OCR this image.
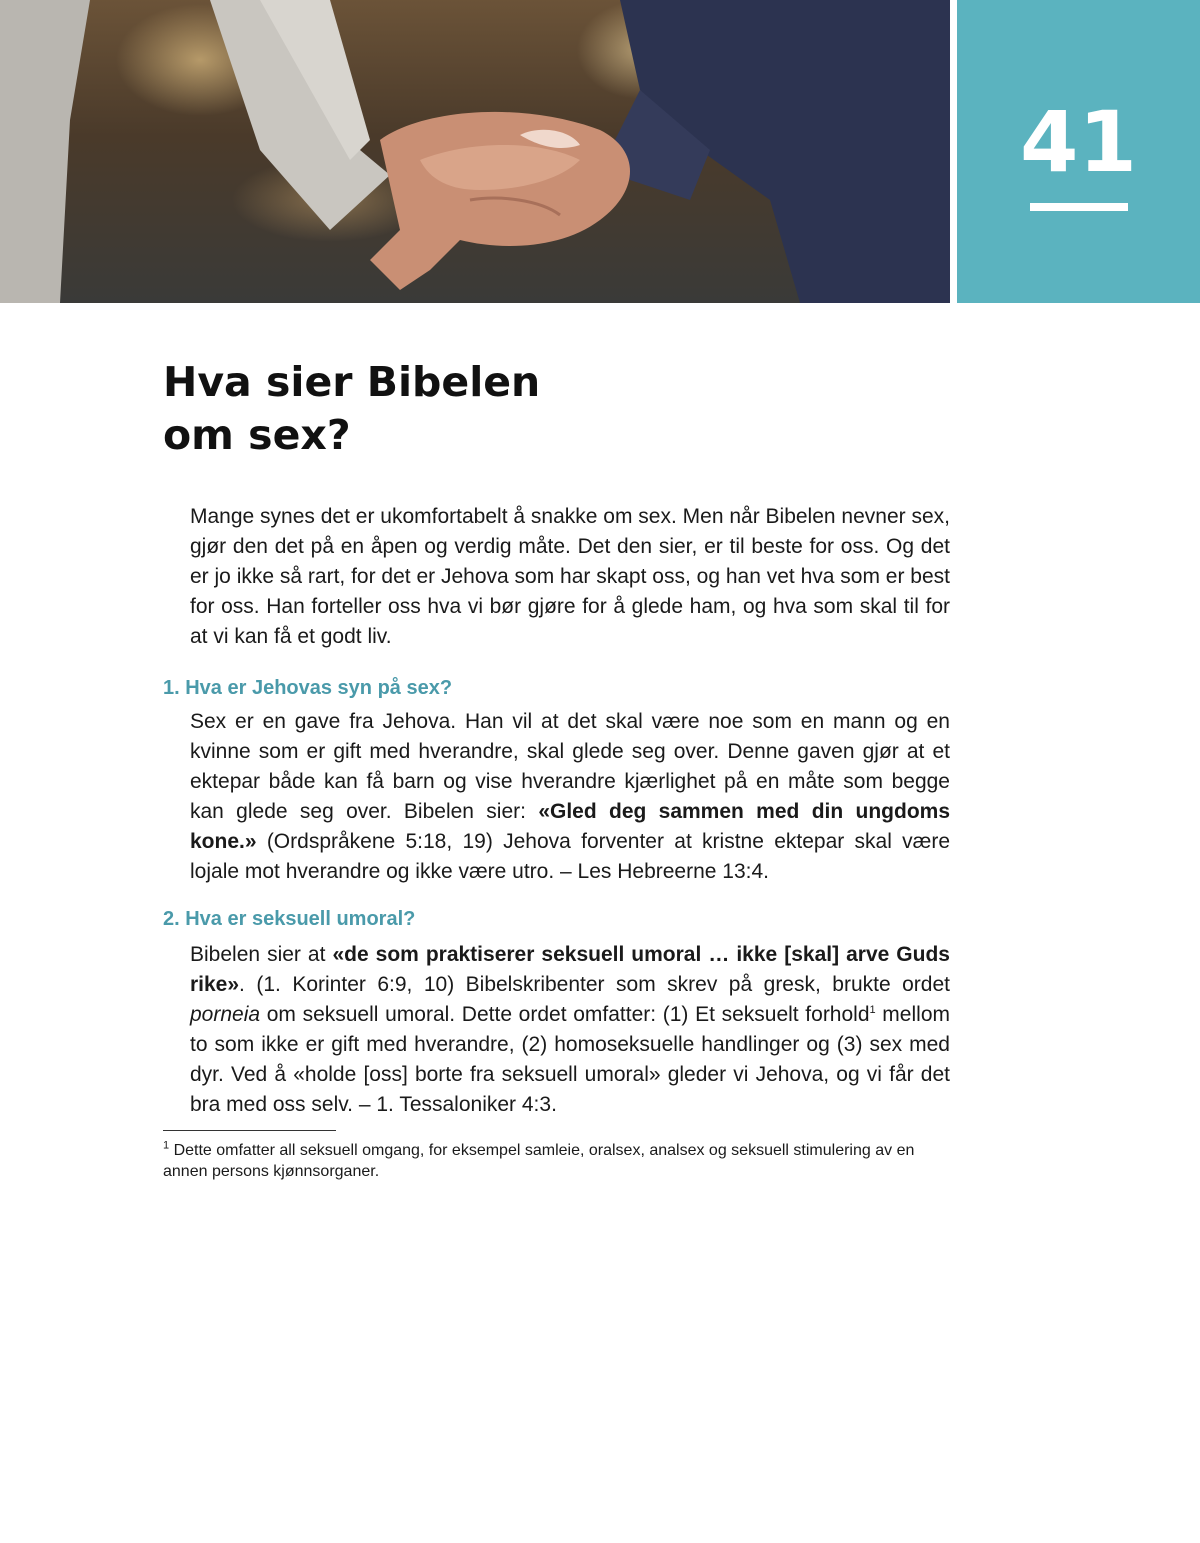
41
Hva sier Bibelen
om sex?

Mange synes det er ukomfortabelt å snakke om sex. Men når Bibelen nevner sex, gjør den det på en åpen og verdig måte. Det den sier, er til beste for oss. Og det er jo ikke så rart, for det er Jehova som har skapt oss, og han vet hva som er best for oss. Han forteller oss hva vi bør gjøre for å glede ham, og hva som skal til for at vi kan få et godt liv.

1. Hva er Jehovas syn på sex?

Sex er en gave fra Jehova. Han vil at det skal være noe som en mann og en kvinne som er gift med hverandre, skal glede seg over. Denne gaven gjør at et ektepar både kan få barn og vise hverandre kjærlighet på en måte som begge kan glede seg over. Bibelen sier: «Gled deg sammen med din ungdoms kone.» (Ordspråkene 5:18, 19) Jehova forventer at kristne ektepar skal være lojale mot hverandre og ikke være utro. – Les Hebreerne 13:4.

2. Hva er seksuell umoral?

Bibelen sier at «de som praktiserer seksuell umoral … ikke [skal] arve Guds rike». (1. Korinter 6:9, 10) Bibelskribenter som skrev på gresk, brukte ordet porneia om seksuell umoral. Dette ordet omfatter: (1) Et seksuelt forhold$^1$ mellom to som ikke er gift med hverandre, (2) homoseksuelle handlinger og (3) sex med dyr. Ved å «holde [oss] borte fra seksuell umoral» gleder vi Jehova, og vi får det bra med oss selv. – 1. Tessaloniker 4:3.

$^1$ Dette omfatter all seksuell omgang, for eksempel samleie, oralsex, analsex og seksuell stimulering av en annen persons kjønnsorganer.
